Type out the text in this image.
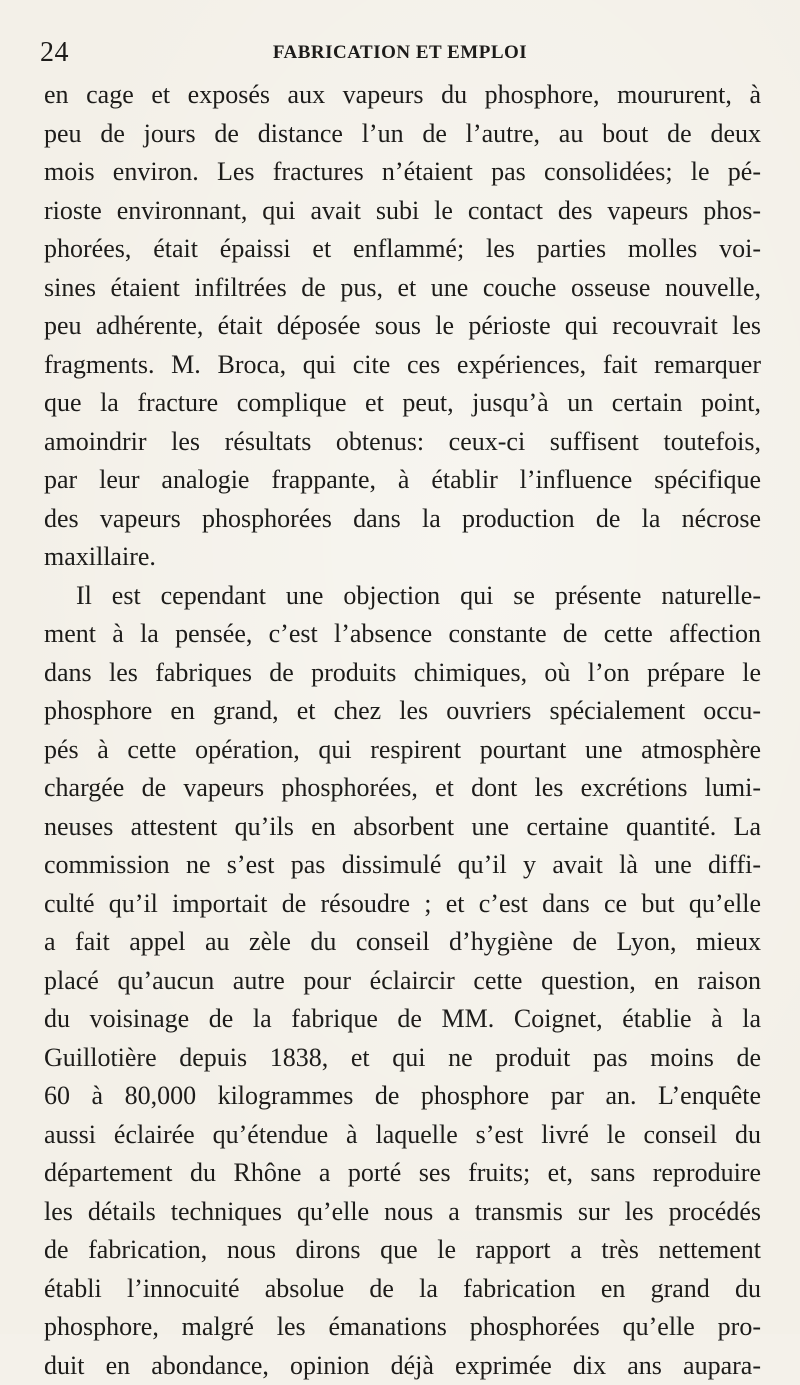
24	FABRICATION ET EMPLOI
en cage et exposés aux vapeurs du phosphore, moururent, à
peu de jours de distance l’un de l’autre, au bout de deux
mois environ. Les fractures n’étaient pas consolidées; le pé-
rioste environnant, qui avait subi le contact des vapeurs phos-
phorées, était épaissi et enflammé; les parties molles voi-
sines étaient infiltrées de pus, et une couche osseuse nouvelle,
peu adhérente, était déposée sous le périoste qui recouvrait les
fragments. M. Broca, qui cite ces expériences, fait remarquer
que la fracture complique et peut, jusqu’à un certain point,
amoindrir les résultats obtenus: ceux-ci suffisent toutefois,
par leur analogie frappante, à établir l’influence spécifique
des vapeurs phosphorées dans la production de la nécrose
maxillaire.
Il est cependant une objection qui se présente naturelle-
ment à la pensée, c’est l’absence constante de cette affection
dans les fabriques de produits chimiques, où l’on prépare le
phosphore en grand, et chez les ouvriers spécialement occu-
pés à cette opération, qui respirent pourtant une atmosphère
chargée de vapeurs phosphorées, et dont les excrétions lumi-
neuses attestent qu’ils en absorbent une certaine quantité. La
commission ne s’est pas dissimulé qu’il y avait là une diffi-
culté qu’il importait de résoudre ; et c’est dans ce but qu’elle
a fait appel au zèle du conseil d’hygiène de Lyon, mieux
placé qu’aucun autre pour éclaircir cette question, en raison
du voisinage de la fabrique de MM. Coignet, établie à la
Guillotière depuis 1838, et qui ne produit pas moins de
60 à 80,000 kilogrammes de phosphore par an. L’enquête
aussi éclairée qu’étendue à laquelle s’est livré le conseil du
département du Rhône a porté ses fruits; et, sans reproduire
les détails techniques qu’elle nous a transmis sur les procédés
de fabrication, nous dirons que le rapport a très nettement
établi l’innocuité absolue de la fabrication en grand du
phosphore, malgré les émanations phosphorées qu’elle pro-
duit en abondance, opinion déjà exprimée dix ans aupara-
